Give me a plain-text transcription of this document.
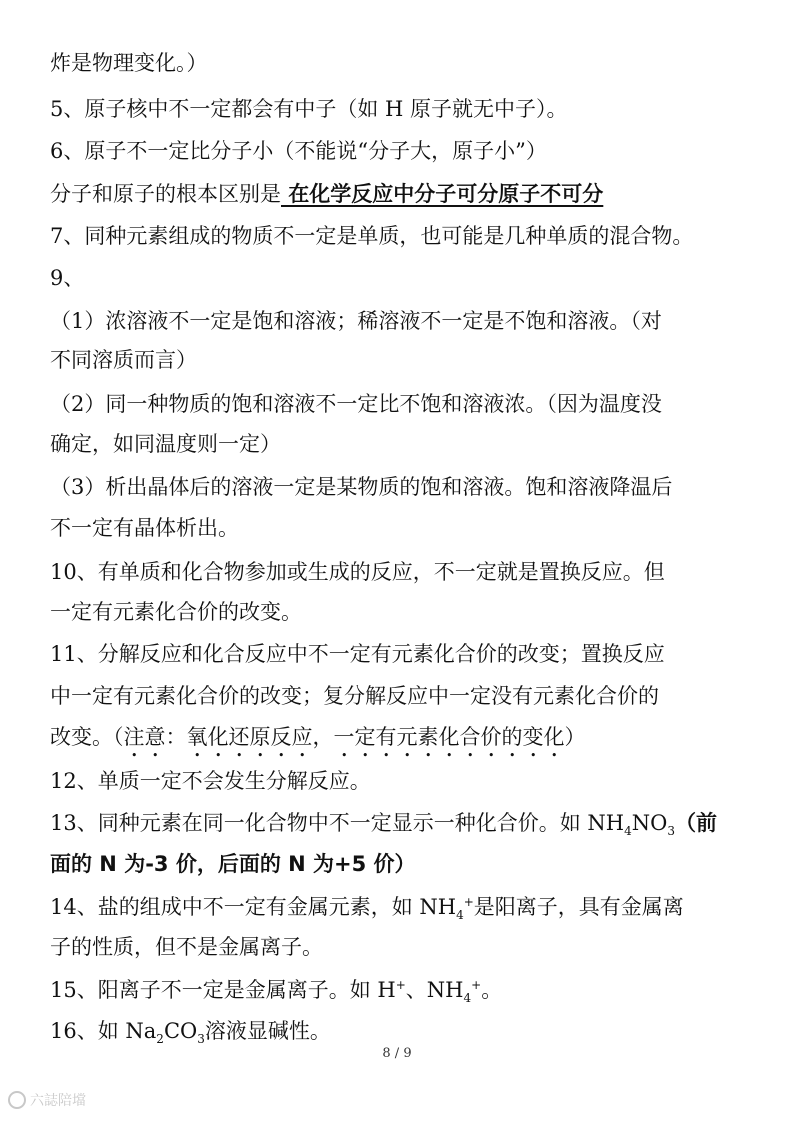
炸是物理变化。）
5、原子核中不一定都会有中子（如 H 原子就无中子）。
6、原子不一定比分子小（不能说“分子大，原子小”）
分子和原子的根本区别是 在化学反应中分子可分原子不可分
7、同种元素组成的物质不一定是单质，也可能是几种单质的混合物。
9、
（1）浓溶液不一定是饱和溶液；稀溶液不一定是不饱和溶液。（对
不同溶质而言）
（2）同一种物质的饱和溶液不一定比不饱和溶液浓。（因为温度没
确定，如同温度则一定）
（3）析出晶体后的溶液一定是某物质的饱和溶液。饱和溶液降温后
不一定有晶体析出。
10、有单质和化合物参加或生成的反应，不一定就是置换反应。但
一定有元素化合价的改变。
11、分解反应和化合反应中不一定有元素化合价的改变；置换反应
中一定有元素化合价的改变；复分解反应中一定没有元素化合价的
改变。（注意：氧化还原反应，一定有元素化合价的变化）
12、单质一定不会发生分解反应。
13、同种元素在同一化合物中不一定显示一种化合价。如 $NH_4NO_3$（前
面的 N 为-3 价，后面的 N 为+5 价）
14、盐的组成中不一定有金属元素，如 $NH_4^+$是阳离子，具有金属离
子的性质，但不是金属离子。
15、阳离子不一定是金属离子。如 H+、$NH_4^+$。
16、如 $Na_2CO_3$溶液显碱性。
8 / 9
六誌陪壋
